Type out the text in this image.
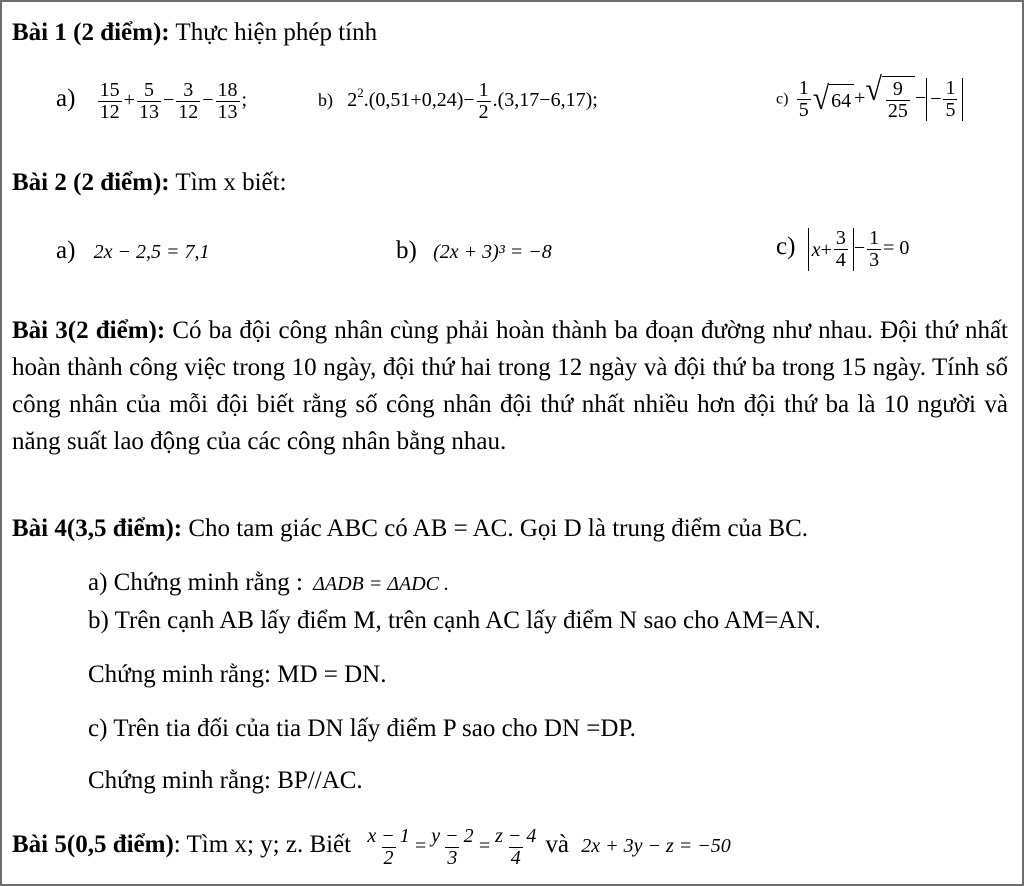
Bài 1 (2 điểm): Thực hiện phép tính
$a) \frac{15}{12} + \frac{5}{13} - \frac{3}{12} - \frac{18}{13}$ ;	b) $2^2.(0,51+0,24)- \frac{1}{2} .(3,17-6,17)$;	$c) \frac{1}{5}$ √ 64 + √ $\frac{9}{25}$ − − $\frac{1}{5}$
Bài 2 (2 điểm): Tìm x biết:
a) 2x − 2,5 = 7,1	b) (2x + 3)³ = −8	c) $x + \frac{3}{4} - \frac{1}{3} = 0$
Bài 3(2 điểm): Có ba đội công nhân cùng phải hoàn thành ba đoạn đường như nhau. Đội thứ nhất hoàn thành công việc trong 10 ngày, đội thứ hai trong 12 ngày và đội thứ ba trong 15 ngày. Tính số công nhân của mỗi đội biết rằng số công nhân đội thứ nhất nhiều hơn đội thứ ba là 10 người và năng suất lao động của các công nhân bằng nhau.
Bài 4(3,5 điểm): Cho tam giác ABC có AB = AC. Gọi D là trung điểm của BC.
a) Chứng minh rằng : ΔADB = ΔADC .
b) Trên cạnh AB lấy điểm M, trên cạnh AC lấy điểm N sao cho AM=AN.
Chứng minh rằng: MD = DN.
c) Trên tia đối của tia DN lấy điểm P sao cho DN =DP.
Chứng minh rằng: BP//AC.
Bài 5(0,5 điểm): Tìm x; y; z. Biết $\frac{x - 1}{2} = \frac{y - 2}{3} = \frac{z - 4}{4}$ và 2x + 3y − z = −50
